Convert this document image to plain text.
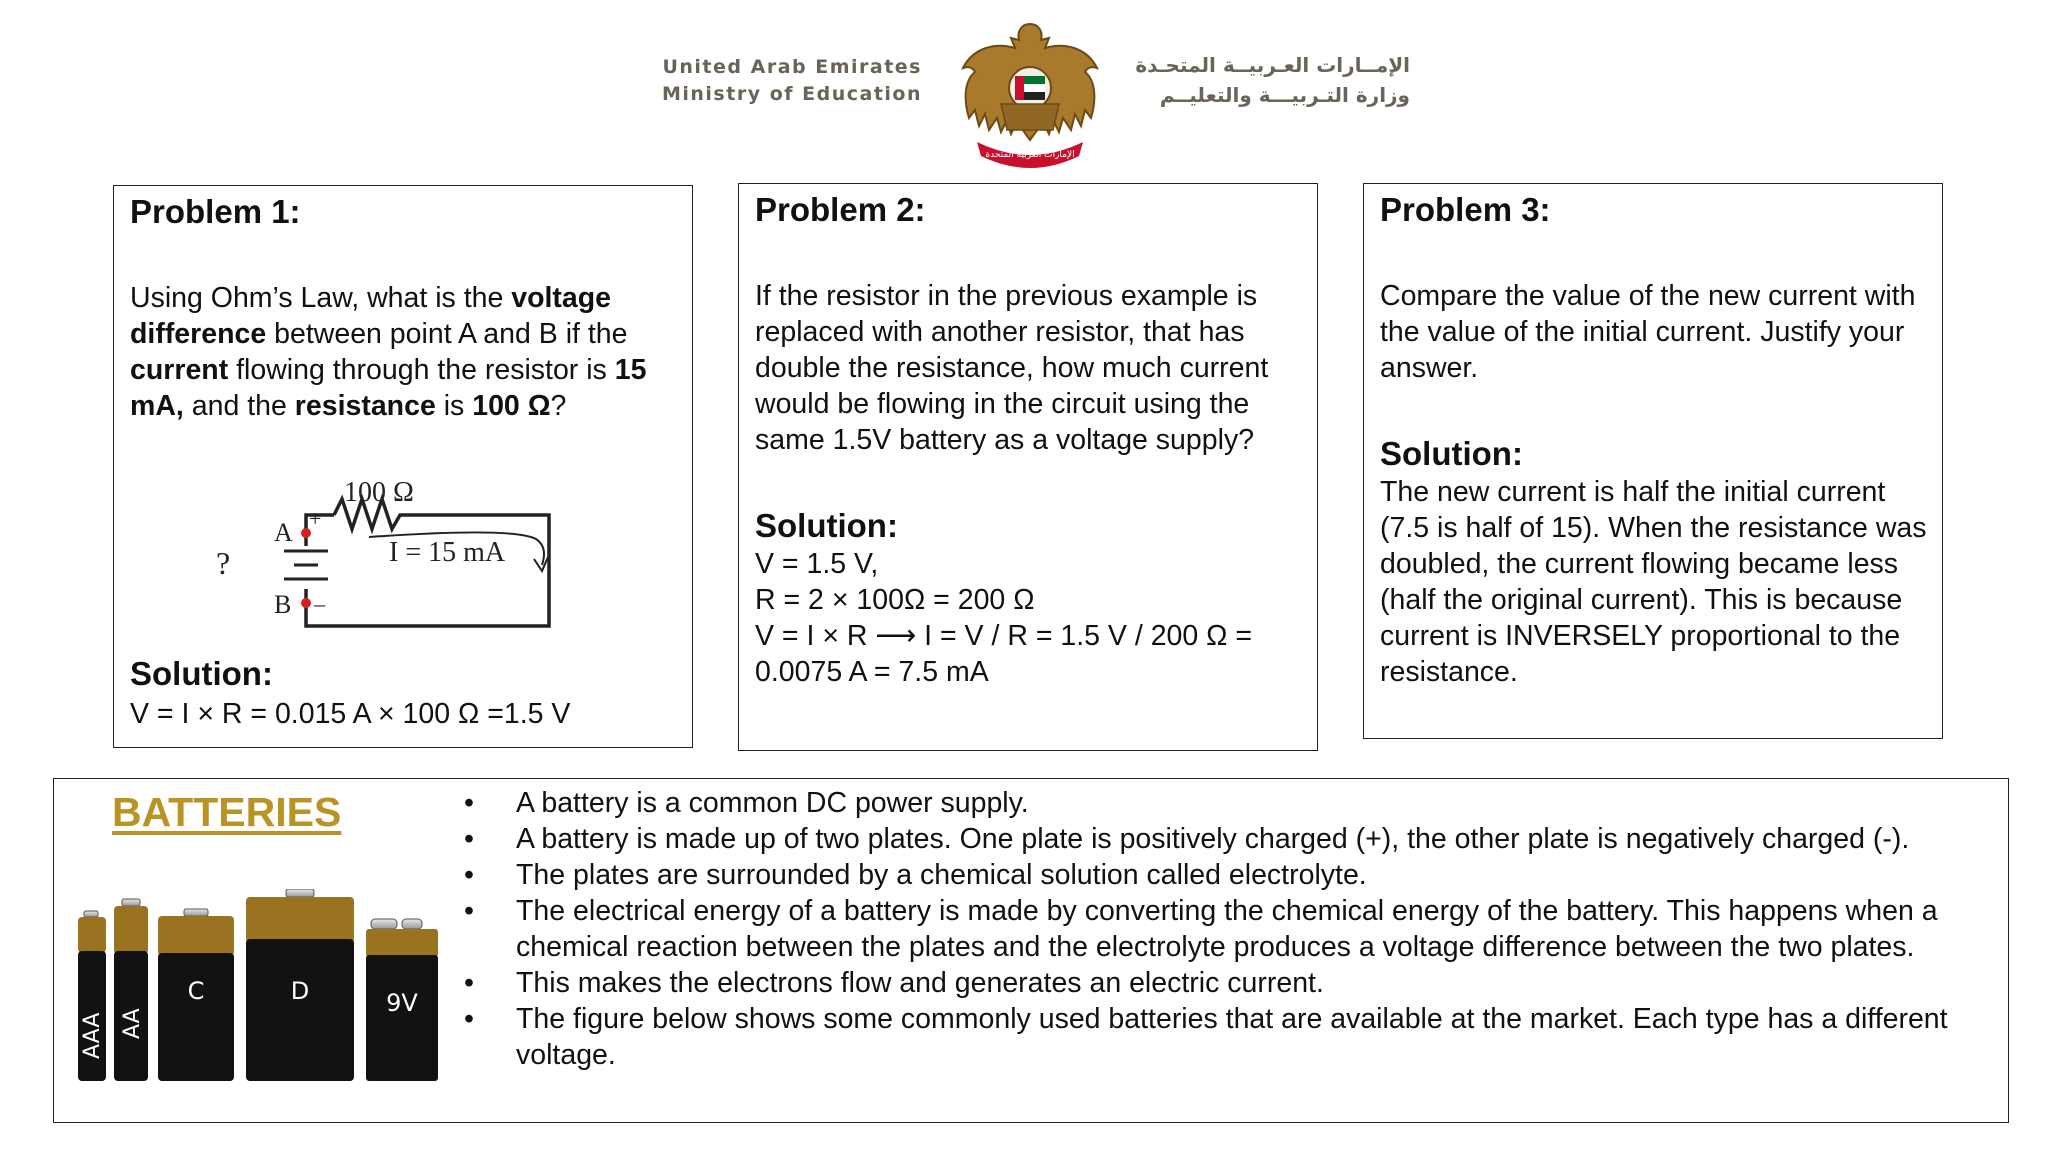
United Arab Emirates
Ministry of Education
الإمارات العربية المتحدة
الإمــارات العـربيــة المتحـدة
وزارة التـربيـــة والتعليــم
Problem 1:
Using Ohm’s Law, what is the voltage difference between point A and B if the current flowing through the resistor is 15 mA, and the resistance is 100 Ω?
100 Ω
I = 15 mA
A
B
?
+
–
Solution:
V = I × R = 0.015 A × 100 Ω =1.5 V
Problem 2:
If the resistor in the previous example is replaced with another resistor, that has double the resistance, how much current would be flowing in the circuit using the same 1.5V battery as a voltage supply?
Solution:
V = 1.5 V,
R = 2 × 100Ω = 200 Ω
V = I × R ⟶ I = V / R = 1.5 V / 200 Ω =
0.0075 A = 7.5 mA
Problem 3:
Compare the value of the new current with the value of the initial current. Justify your answer.
Solution:
The new current is half the initial current (7.5 is half of 15). When the resistance was doubled, the current flowing became less (half the original current). This is because current is INVERSELY proportional to the resistance.
BATTERIES
AAA AA
C	D	9V
• A battery is a common DC power supply.
• A battery is made up of two plates. One plate is positively charged (+), the other plate is negatively charged (-).
• The plates are surrounded by a chemical solution called electrolyte.
• The electrical energy of a battery is made by converting the chemical energy of the battery. This happens when a chemical reaction between the plates and the electrolyte produces a voltage difference between the two plates.
• This makes the electrons flow and generates an electric current.
• The figure below shows some commonly used batteries that are available at the market. Each type has a different voltage.
